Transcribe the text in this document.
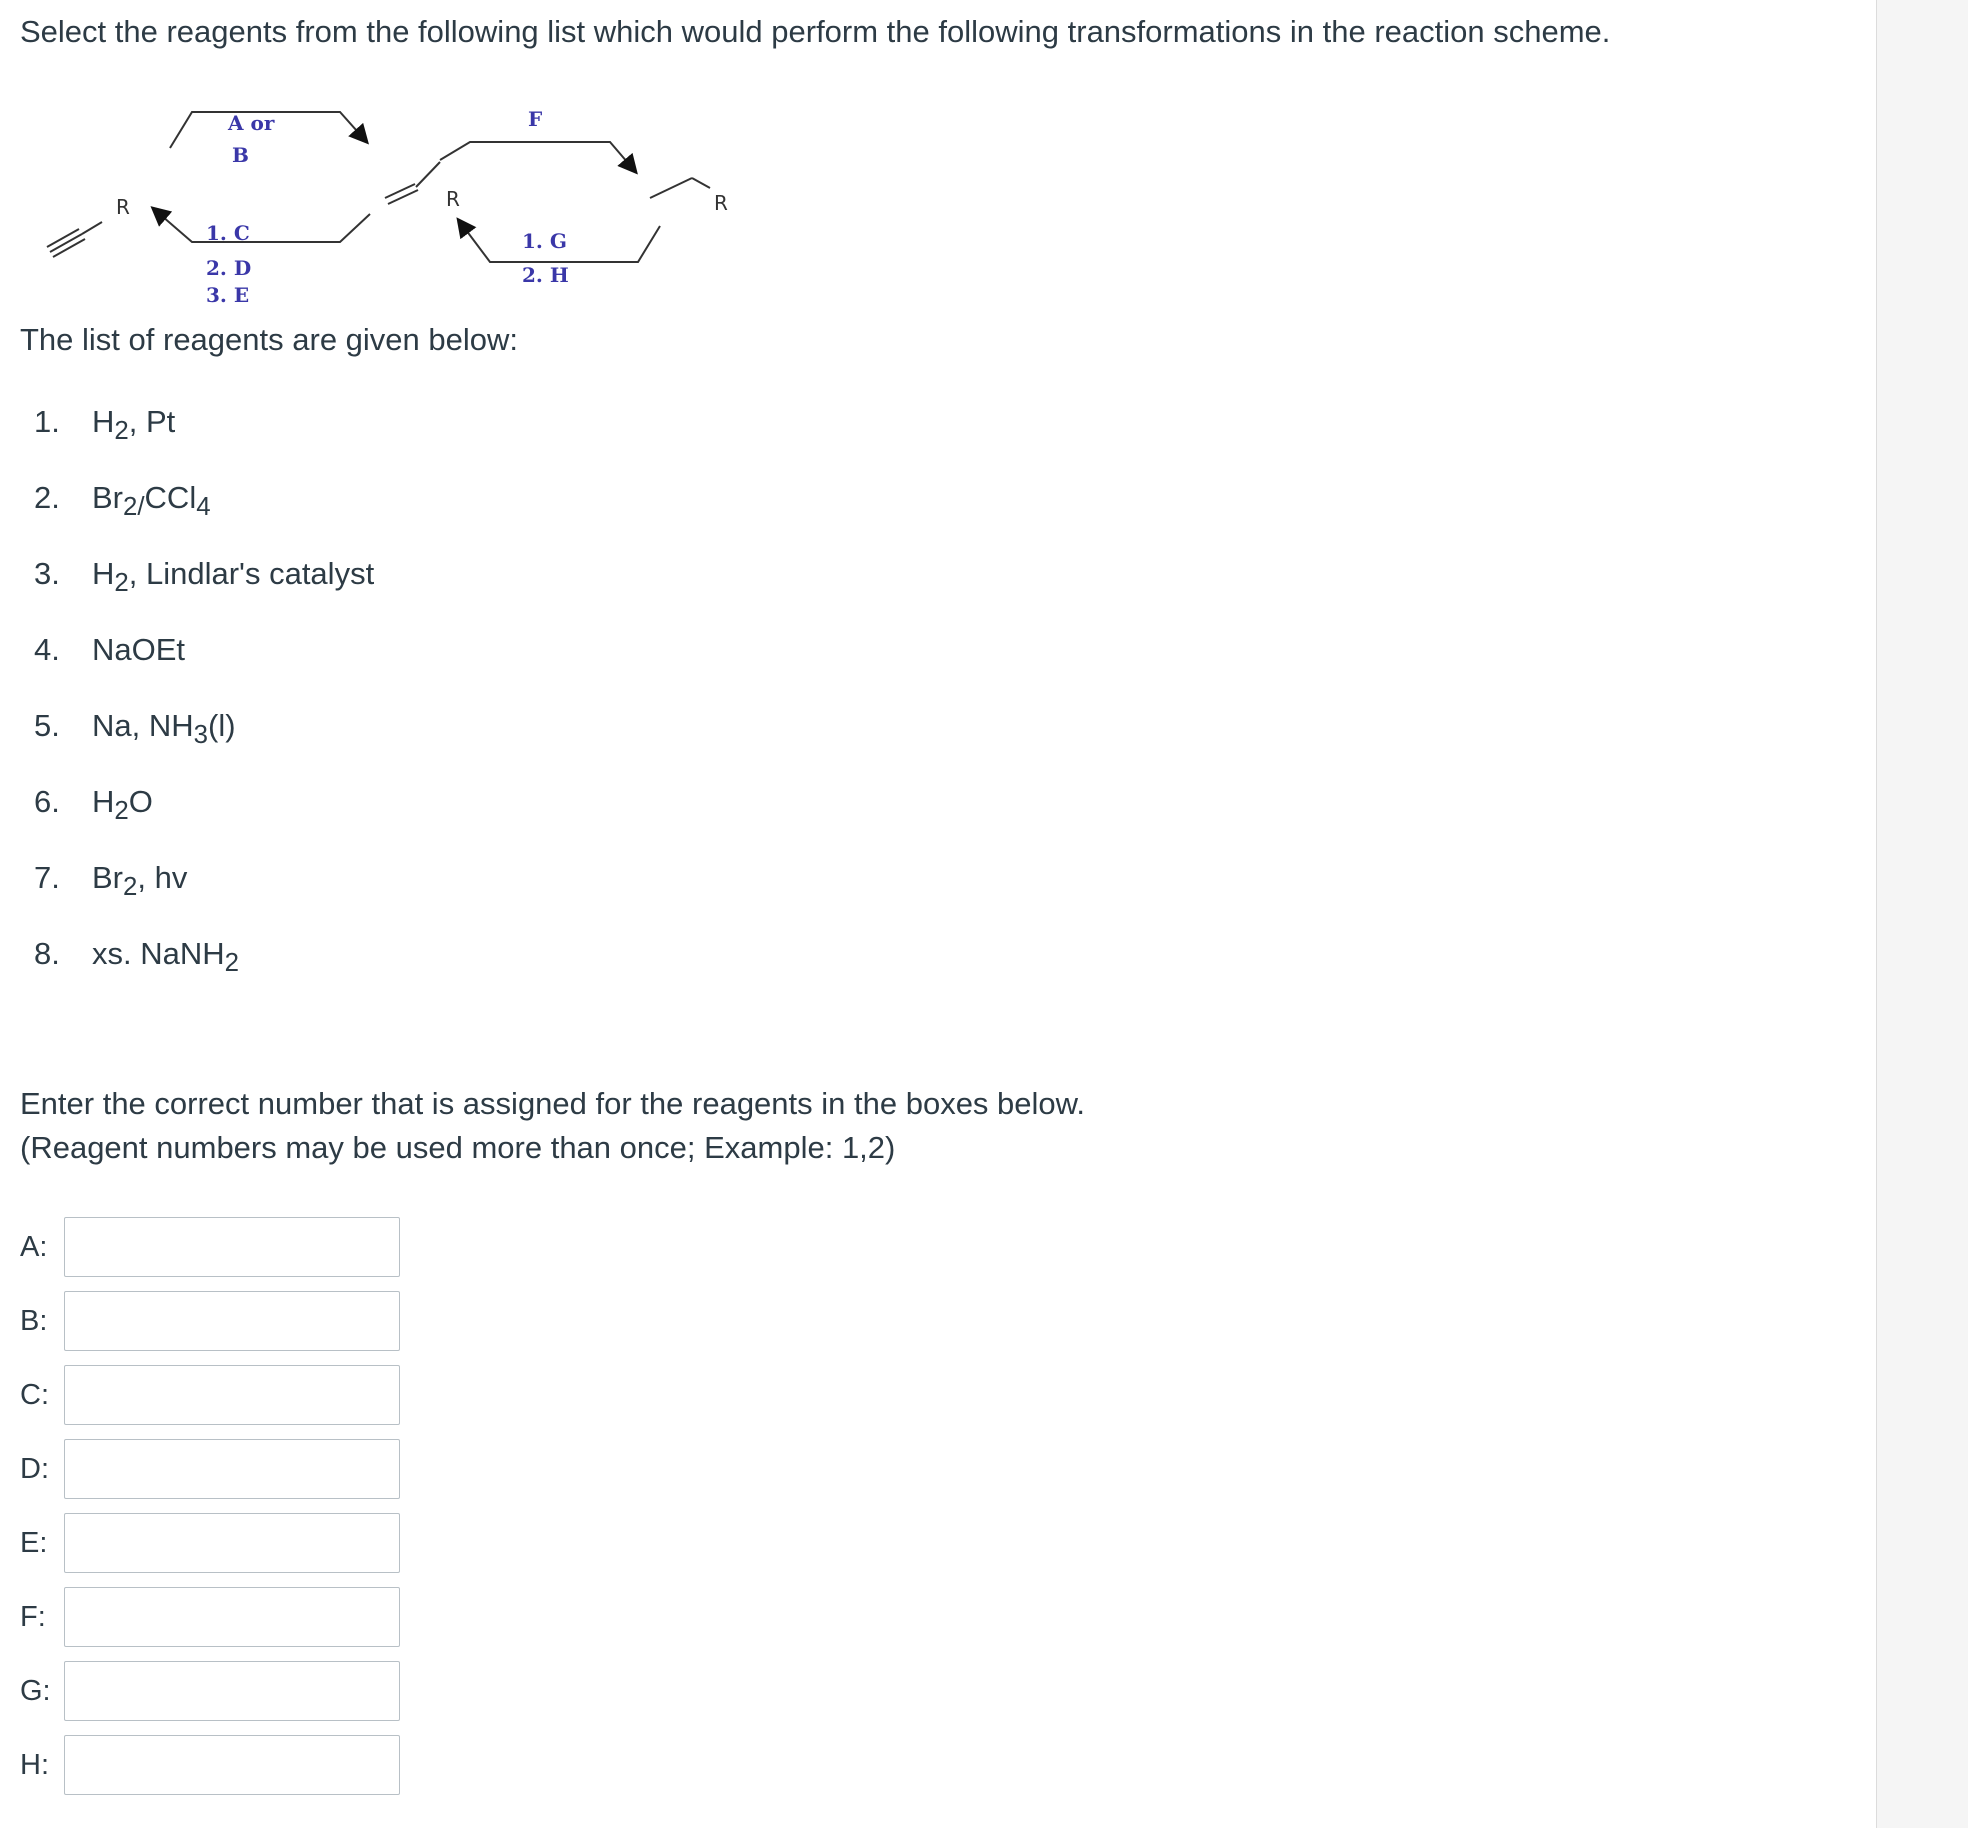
Select the reagents from the following list which would perform the following transformations in the reaction scheme.

R
A or
B
1. C
2. D
3. E
R
F
1. G
2. H
R

The list of reagents are given below:

1.	$H_2$, Pt
2.	$Br_{2/}CCl_4$
3.	$H_2$, Lindlar's catalyst
4.	NaOEt
5.	Na, $NH_3(l)$
6.	$H_2O$
7.	$Br_2$, hv
8.	xs. NaNH$_2$
Enter the correct number that is assigned for the reagents in the boxes below.
(Reagent numbers may be used more than once; Example: 1,2)
A:
B:
C:
D:
E:
F:
G:
H:
